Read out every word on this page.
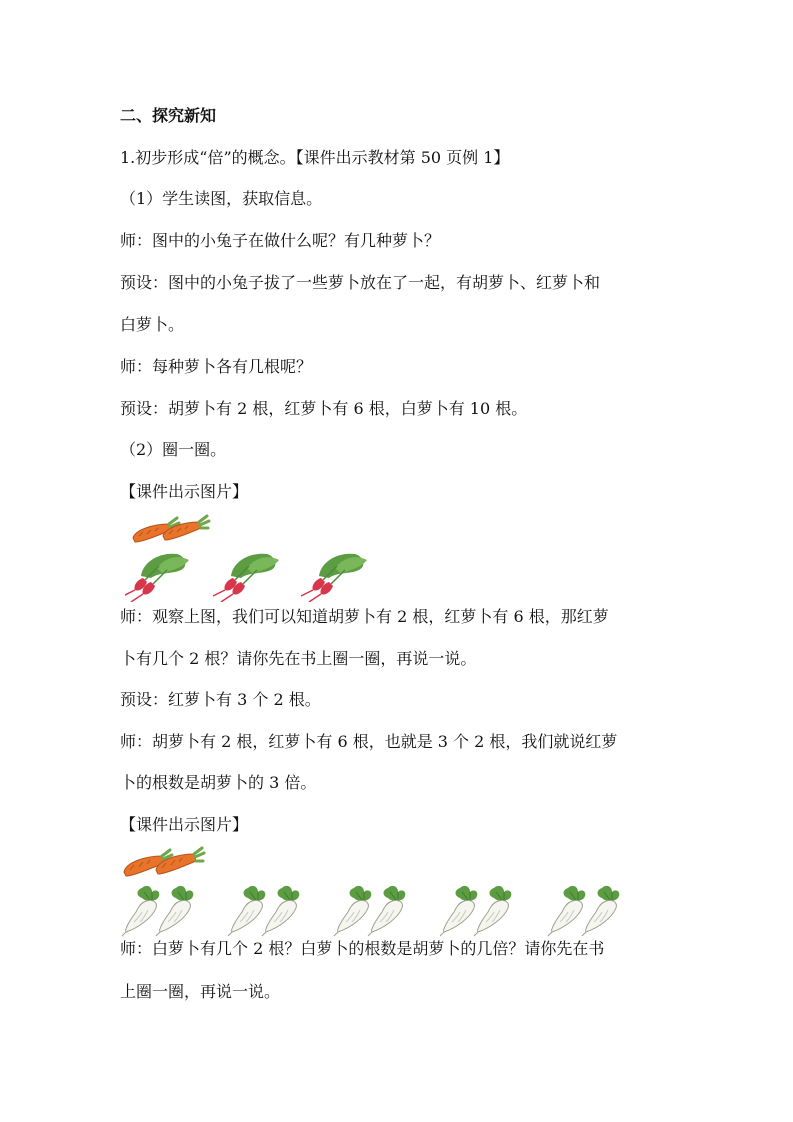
二、探究新知

1.初步形成“倍”的概念。【课件出示教材第 50 页例 1】

（1）学生读图，获取信息。

师：图中的小兔子在做什么呢？有几种萝卜？

预设：图中的小兔子拔了一些萝卜放在了一起，有胡萝卜、红萝卜和

白萝卜。

师：每种萝卜各有几根呢？

预设：胡萝卜有 2 根，红萝卜有 6 根，白萝卜有 10 根。

（2）圈一圈。

【课件出示图片】

师：观察上图，我们可以知道胡萝卜有 2 根，红萝卜有 6 根，那红萝

卜有几个 2 根？请你先在书上圈一圈，再说一说。

预设：红萝卜有 3 个 2 根。

师：胡萝卜有 2 根，红萝卜有 6 根，也就是 3 个 2 根，我们就说红萝

卜的根数是胡萝卜的 3 倍。

【课件出示图片】

师：白萝卜有几个 2 根？白萝卜的根数是胡萝卜的几倍？请你先在书

上圈一圈，再说一说。
